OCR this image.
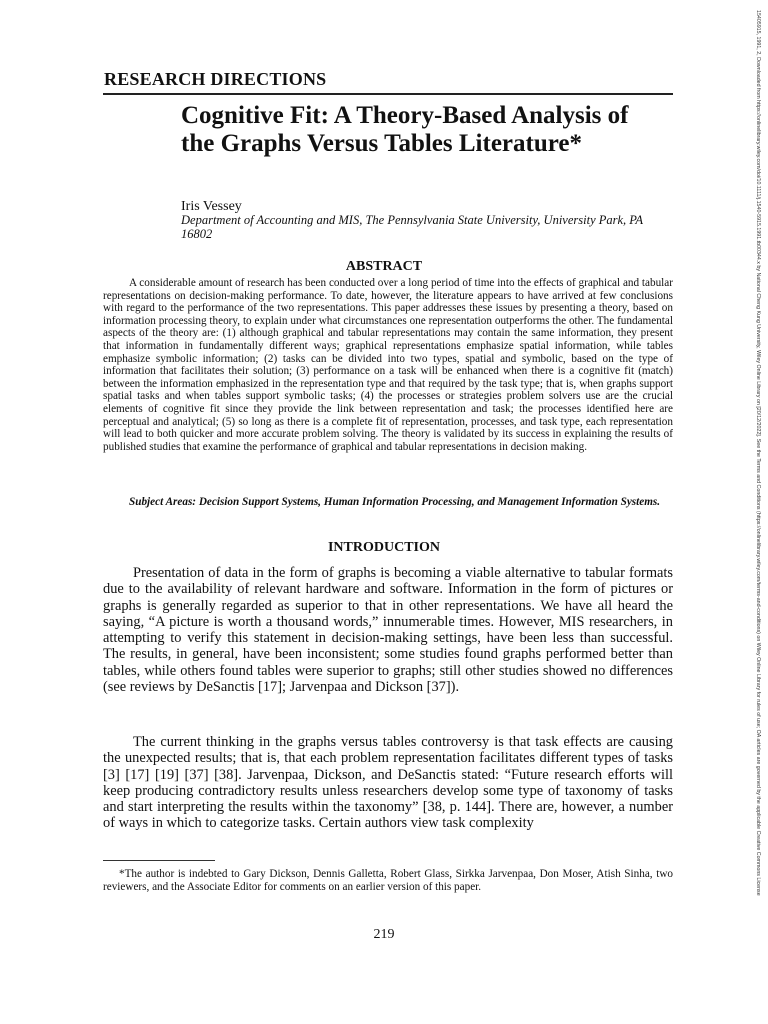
RESEARCH DIRECTIONS
Cognitive Fit: A Theory-Based Analysis of the Graphs Versus Tables Literature*
Iris Vessey
Department of Accounting and MIS, The Pennsylvania State University, University Park, PA 16802
ABSTRACT
A considerable amount of research has been conducted over a long period of time into the effects of graphical and tabular representations on decision-making performance. To date, however, the literature appears to have arrived at few conclusions with regard to the performance of the two representations. This paper addresses these issues by presenting a theory, based on information processing theory, to explain under what circumstances one representation outperforms the other. The fundamental aspects of the theory are: (1) although graphical and tabular representations may contain the same information, they present that information in fundamentally different ways; graphical representations emphasize spatial information, while tables emphasize symbolic information; (2) tasks can be divided into two types, spatial and symbolic, based on the type of information that facilitates their solution; (3) performance on a task will be enhanced when there is a cognitive fit (match) between the information emphasized in the representation type and that required by the task type; that is, when graphs support spatial tasks and when tables support symbolic tasks; (4) the processes or strategies problem solvers use are the crucial elements of cognitive fit since they provide the link between representation and task; the processes identified here are perceptual and analytical; (5) so long as there is a complete fit of representation, processes, and task type, each representation will lead to both quicker and more accurate problem solving. The theory is validated by its success in explaining the results of published studies that examine the performance of graphical and tabular representations in decision making.
Subject Areas: Decision Support Systems, Human Information Processing, and Management Information Systems.
INTRODUCTION
Presentation of data in the form of graphs is becoming a viable alternative to tabular formats due to the availability of relevant hardware and software. Information in the form of pictures or graphs is generally regarded as superior to that in other representations. We have all heard the saying, “A picture is worth a thousand words,” innumerable times. However, MIS researchers, in attempting to verify this statement in decision-making settings, have been less than successful. The results, in general, have been inconsistent; some studies found graphs performed better than tables, while others found tables were superior to graphs; still other studies showed no differences (see reviews by DeSanctis [17]; Jarvenpaa and Dickson [37]).
The current thinking in the graphs versus tables controversy is that task effects are causing the unexpected results; that is, that each problem representation facilitates different types of tasks [3] [17] [19] [37] [38]. Jarvenpaa, Dickson, and DeSanctis stated: “Future research efforts will keep producing contradictory results unless researchers develop some type of taxonomy of tasks and start interpreting the results within the taxonomy” [38, p. 144]. There are, however, a number of ways in which to categorize tasks. Certain authors view task complexity
*The author is indebted to Gary Dickson, Dennis Galletta, Robert Glass, Sirkka Jarvenpaa, Don Moser, Atish Sinha, two reviewers, and the Associate Editor for comments on an earlier version of this paper.
219
15405915, 1991, 2, Downloaded from https://onlinelibrary.wiley.com/doi/10.1111/j.1540-5915.1991.tb00344.x by National Cheng Kung University, Wiley Online Library on [20/12/2022]. See the Terms and Conditions (https://onlinelibrary.wiley.com/terms-and-conditions) on Wiley Online Library for rules of use; OA articles are governed by the applicable Creative Commons License
